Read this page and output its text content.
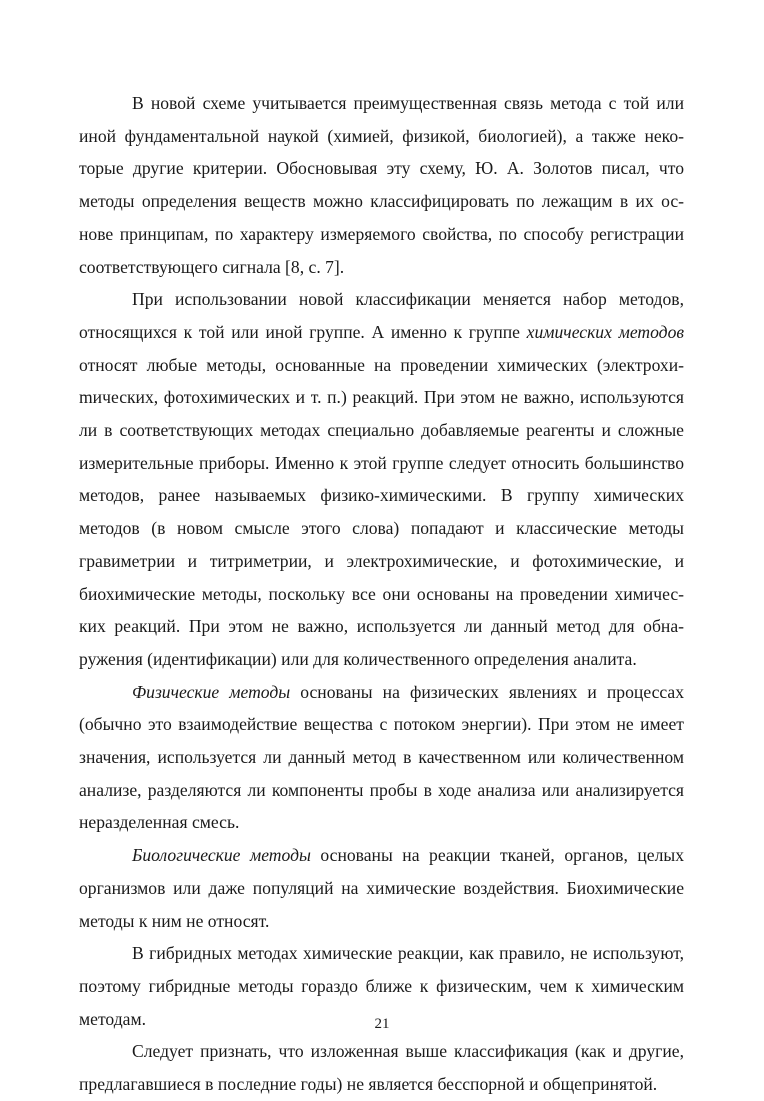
В новой схеме учитывается преимущественная связь метода с той или иной фундаментальной наукой (химией, физикой, биологией), а также некоторые другие критерии. Обосновывая эту схему, Ю. А. Золотов писал, что методы определения веществ можно классифицировать по лежащим в их основе принципам, по характеру измеряемого свойства, по способу регистрации соответствующего сигнала [8, с. 7].

При использовании новой классификации меняется набор методов, относящихся к той или иной группе. А именно к группе химических методов относят любые методы, основанные на проведении химических (электрохиmических, фотохимических и т. п.) реакций. При этом не важно, используются ли в соответствующих методах специально добавляемые реагенты и сложные измерительные приборы. Именно к этой группе следует относить большинство методов, ранее называемых физико-химическими. В группу химических методов (в новом смысле этого слова) попадают и классические методы гравиметрии и титриметрии, и электрохимические, и фотохимические, и биохимические методы, поскольку все они основаны на проведении химических реакций. При этом не важно, используется ли данный метод для обнаружения (идентификации) или для количественного определения аналита.

Физические методы основаны на физических явлениях и процессах (обычно это взаимодействие вещества с потоком энергии). При этом не имеет значения, используется ли данный метод в качественном или количественном анализе, разделяются ли компоненты пробы в ходе анализа или анализируется неразделенная смесь.

Биологические методы основаны на реакции тканей, органов, целых организмов или даже популяций на химические воздействия. Биохимические методы к ним не относят.

В гибридных методах химические реакции, как правило, не используют, поэтому гибридные методы гораздо ближе к физическим, чем к химическим методам.

Следует признать, что изложенная выше классификация (как и другие, предлагавшиеся в последние годы) не является бесспорной и общепринятой.

21
